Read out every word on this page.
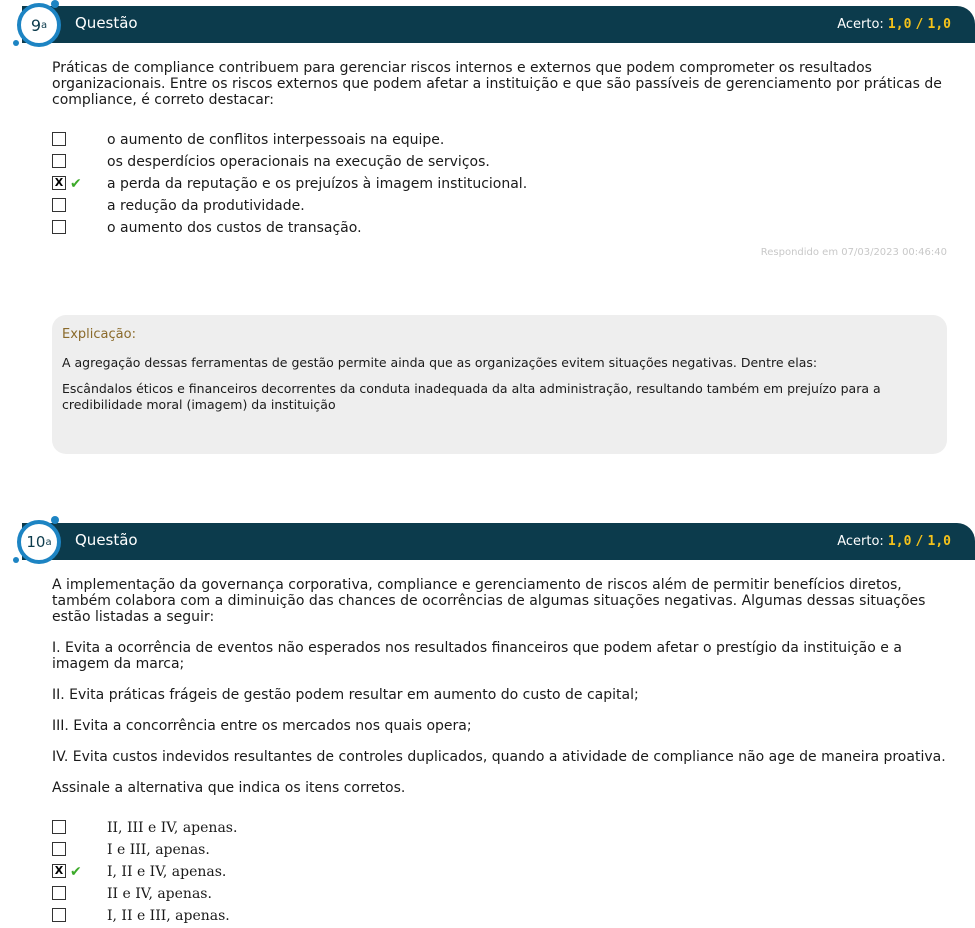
Questão	Acerto: 1,0 / 1,0
9 a

Práticas de compliance contribuem para gerenciar riscos internos e externos que podem comprometer os resultados organizacionais. Entre os riscos externos que podem afetar a instituição e que são passíveis de gerenciamento por práticas de compliance, é correto destacar:

o aumento de conflitos interpessoais na equipe.
os desperdícios operacionais na execução de serviços.
X ✔ a perda da reputação e os prejuízos à imagem institucional.
a redução da produtividade.
o aumento dos custos de transação.
Respondido em 07/03/2023 00:46:40
Explicação:

A agregação dessas ferramentas de gestão permite ainda que as organizações evitem situações negativas. Dentre elas:

Escândalos éticos e financeiros decorrentes da conduta inadequada da alta administração, resultando também em prejuízo para a credibilidade moral (imagem) da instituição

Questão	Acerto: 1,0 / 1,0
10 a

A implementação da governança corporativa, compliance e gerenciamento de riscos além de permitir benefícios diretos, também colabora com a diminuição das chances de ocorrências de algumas situações negativas. Algumas dessas situações estão listadas a seguir:

I. Evita a ocorrência de eventos não esperados nos resultados financeiros que podem afetar o prestígio da instituição e a imagem da marca;

II. Evita práticas frágeis de gestão podem resultar em aumento do custo de capital;

III. Evita a concorrência entre os mercados nos quais opera;

IV. Evita custos indevidos resultantes de controles duplicados, quando a atividade de compliance não age de maneira proativa.

Assinale a alternativa que indica os itens corretos.

II, III e IV, apenas.
I e III, apenas.
X ✔ I, II e IV, apenas.
II e IV, apenas.
I, II e III, apenas.
